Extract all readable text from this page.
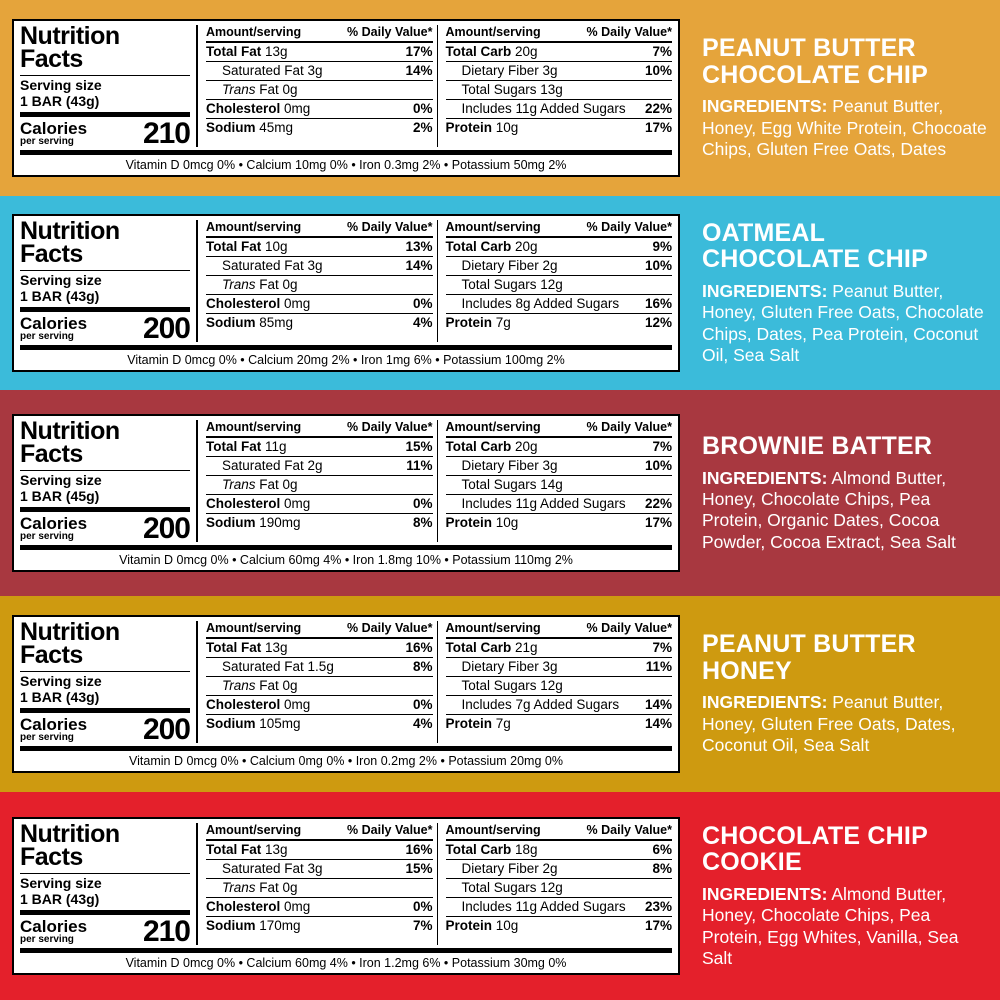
Nutrition
Facts
Serving size
1 BAR (43g)
Calories
per serving	210
Amount/serving	% Daily Value*
Total Fat 13g	17%
Saturated Fat 3g	14%
Trans Fat 0g
Cholesterol 0mg	0%
Sodium 45mg	2%
Amount/serving	% Daily Value*
Total Carb 20g	7%
Dietary Fiber 3g	10%
Total Sugars 13g
Includes 11g Added Sugars 22%
Protein 10g	17%
Vitamin D 0mcg 0% • Calcium 10mg 0% • Iron 0.3mg 2% • Potassium 50mg 2%
PEANUT BUTTER
CHOCOLATE CHIP
INGREDIENTS: Peanut Butter, Honey, Egg White Protein, Chocoate Chips, Gluten Free Oats, Dates
Nutrition
Facts
Serving size
1 BAR (43g)
Calories
per serving	200
Amount/serving	% Daily Value*
Total Fat 10g	13%
Saturated Fat 3g	14%
Trans Fat 0g
Cholesterol 0mg	0%
Sodium 85mg	4%
Amount/serving	% Daily Value*
Total Carb 20g	9%
Dietary Fiber 2g	10%
Total Sugars 12g
Includes 8g Added Sugars 16%
Protein 7g	12%
Vitamin D 0mcg 0% • Calcium 20mg 2% • Iron 1mg 6% • Potassium 100mg 2%
OATMEAL CHOCOLATE CHIP
INGREDIENTS: Peanut Butter, Honey, Gluten Free Oats, Chocolate Chips, Dates, Pea Protein, Coconut Oil, Sea Salt
Nutrition
Facts
Serving size
1 BAR (45g)
Calories
per serving	200
Amount/serving	% Daily Value*
Total Fat 11g	15%
Saturated Fat 2g	11%
Trans Fat 0g
Cholesterol 0mg	0%
Sodium 190mg	8%
Amount/serving	% Daily Value*
Total Carb 20g	7%
Dietary Fiber 3g	10%
Total Sugars 14g
Includes 11g Added Sugars 22%
Protein 10g	17%
Vitamin D 0mcg 0% • Calcium 60mg 4% • Iron 1.8mg 10% • Potassium 110mg 2%
BROWNIE BATTER
INGREDIENTS: Almond Butter, Honey, Chocolate Chips, Pea Protein, Organic Dates, Cocoa Powder, Cocoa Extract, Sea Salt
Nutrition
Facts
Serving size
1 BAR (43g)
Calories
per serving	200
Amount/serving	% Daily Value*
Total Fat 13g	16%
Saturated Fat 1.5g	8%
Trans Fat 0g
Cholesterol 0mg	0%
Sodium 105mg	4%
Amount/serving	% Daily Value*
Total Carb 21g	7%
Dietary Fiber 3g	11%
Total Sugars 12g
Includes 7g Added Sugars 14%
Protein 7g	14%
Vitamin D 0mcg 0% • Calcium 0mg 0% • Iron 0.2mg 2% • Potassium 20mg 0%
PEANUT BUTTER HONEY
INGREDIENTS: Peanut Butter, Honey, Gluten Free Oats, Dates, Coconut Oil, Sea Salt
Nutrition
Facts
Serving size
1 BAR (43g)
Calories
per serving	210
Amount/serving	% Daily Value*
Total Fat 13g	16%
Saturated Fat 3g	15%
Trans Fat 0g
Cholesterol 0mg	0%
Sodium 170mg	7%
Amount/serving	% Daily Value*
Total Carb 18g	6%
Dietary Fiber 2g	8%
Total Sugars 12g
Includes 11g Added Sugars 23%
Protein 10g	17%
Vitamin D 0mcg 0% • Calcium 60mg 4% • Iron 1.2mg 6% • Potassium 30mg 0%
CHOCOLATE CHIP COOKIE
INGREDIENTS: Almond Butter, Honey, Chocolate Chips, Pea Protein, Egg Whites, Vanilla, Sea Salt
